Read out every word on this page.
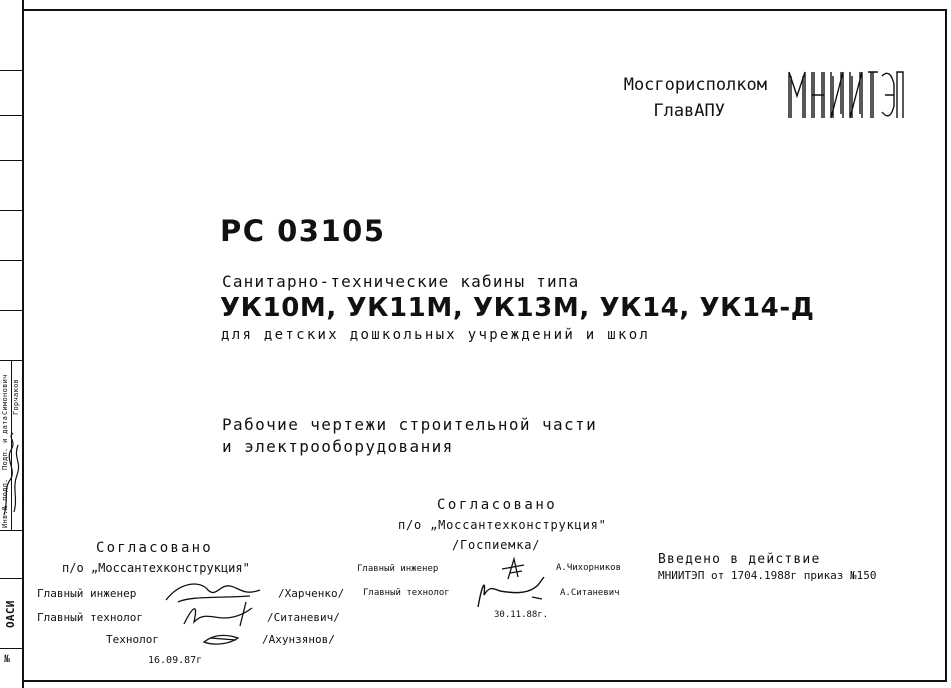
Инв.№ подл.
Подп. и дата
Горчаков
Симонович
ОАСИ
№
Мосгорисполком
ГлавАПУ
РС 03105
Санитарно-технические кабины типа
УК10М, УК11М, УК13М, УК14, УК14-Д
для детских дошкольных учреждений и школ
Рабочие чертежи строительной части
и электрооборудования
Согласовано
п/о „Моссантехконструкция"
/Госпиемка/
Главный инженер	А.Чихорников
Главный технолог	А.Ситаневич
30.11.88г.
Согласовано
п/о „Моссантехконструкция"
Главный инженер	/Харченко/
Главный технолог	/Ситаневич/
Технолог	/Ахунзянов/
16.09.87г
Введено в действие
МНИИТЭП от 1704.1988г приказ №150
